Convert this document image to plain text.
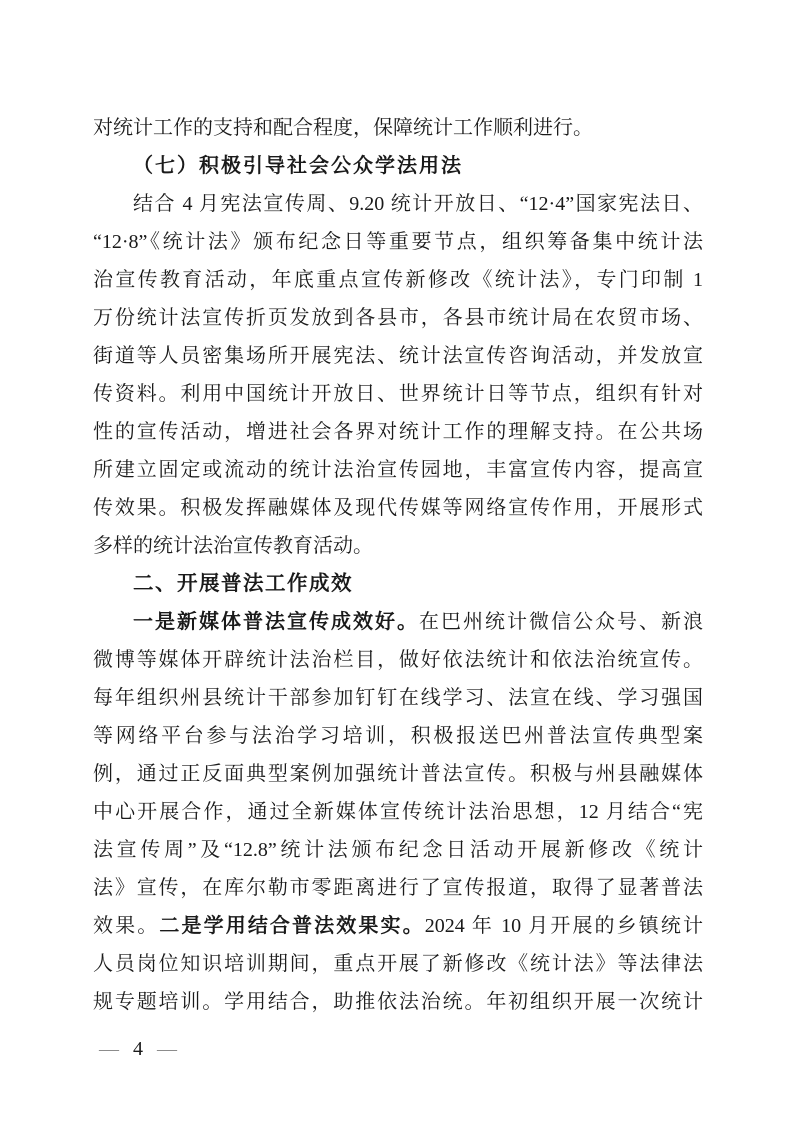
对统计工作的支持和配合程度，保障统计工作顺利进行。
（七）积极引导社会公众学法用法
结合 4 月宪法宣传周、9.20 统计开放日、“12·4”国家宪法日、
“12·8”《统计法》颁布纪念日等重要节点，组织筹备集中统计法
治宣传教育活动，年底重点宣传新修改《统计法》，专门印制 1
万份统计法宣传折页发放到各县市，各县市统计局在农贸市场、
街道等人员密集场所开展宪法、统计法宣传咨询活动，并发放宣
传资料。利用中国统计开放日、世界统计日等节点，组织有针对
性的宣传活动，增进社会各界对统计工作的理解支持。在公共场
所建立固定或流动的统计法治宣传园地，丰富宣传内容，提高宣
传效果。积极发挥融媒体及现代传媒等网络宣传作用，开展形式
多样的统计法治宣传教育活动。
二、开展普法工作成效
一是新媒体普法宣传成效好。在巴州统计微信公众号、新浪
微博等媒体开辟统计法治栏目，做好依法统计和依法治统宣传。
每年组织州县统计干部参加钉钉在线学习、法宣在线、学习强国
等网络平台参与法治学习培训，积极报送巴州普法宣传典型案
例，通过正反面典型案例加强统计普法宣传。积极与州县融媒体
中心开展合作，通过全新媒体宣传统计法治思想，12 月结合“宪
法宣传周”及“12.8”统计法颁布纪念日活动开展新修改《统计
法》宣传，在库尔勒市零距离进行了宣传报道，取得了显著普法
效果。二是学用结合普法效果实。2024 年 10 月开展的乡镇统计
人员岗位知识培训期间，重点开展了新修改《统计法》等法律法
规专题培训。学用结合，助推依法治统。年初组织开展一次统计
— 4 —
